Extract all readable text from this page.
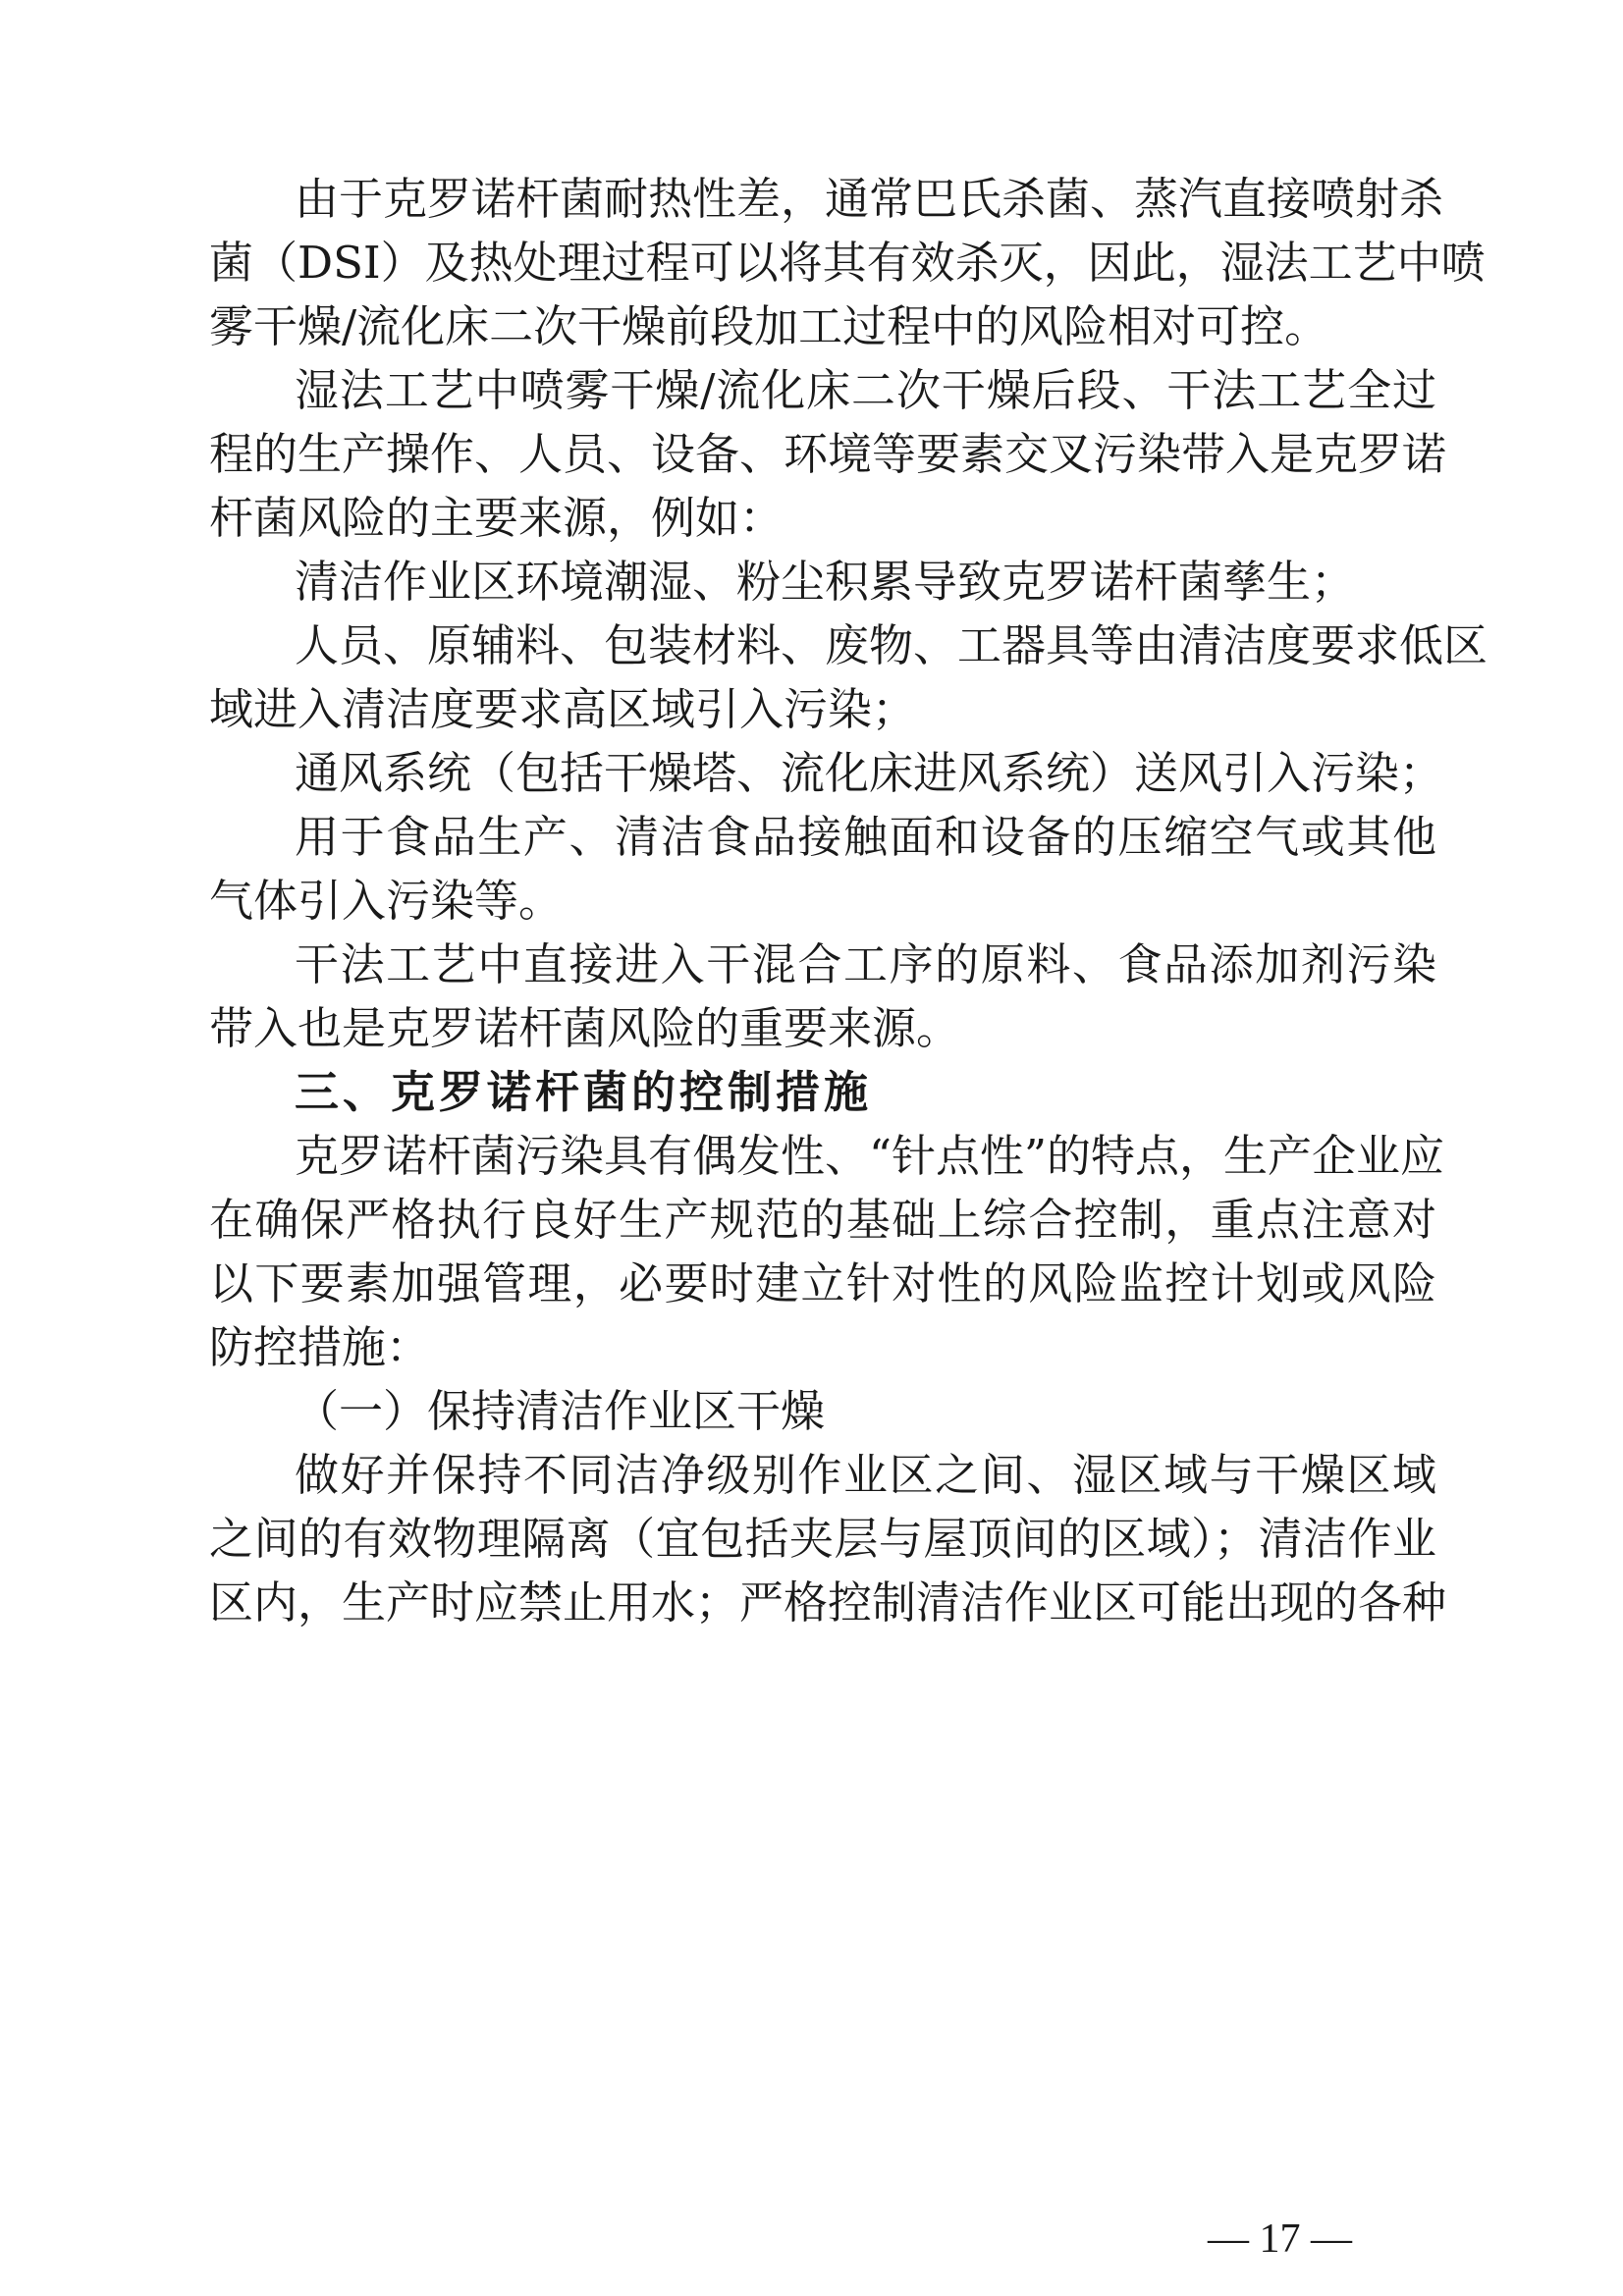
由于克罗诺杆菌耐热性差，通常巴氏杀菌、蒸汽直接喷射杀

菌（DSI）及热处理过程可以将其有效杀灭，因此，湿法工艺中喷

雾干燥/流化床二次干燥前段加工过程中的风险相对可控。

湿法工艺中喷雾干燥/流化床二次干燥后段、干法工艺全过

程的生产操作、人员、设备、环境等要素交叉污染带入是克罗诺

杆菌风险的主要来源，例如：

清洁作业区环境潮湿、粉尘积累导致克罗诺杆菌孳生；

人员、原辅料、包装材料、废物、工器具等由清洁度要求低区

域进入清洁度要求高区域引入污染；

通风系统（包括干燥塔、流化床进风系统）送风引入污染；

用于食品生产、清洁食品接触面和设备的压缩空气或其他

气体引入污染等。

干法工艺中直接进入干混合工序的原料、食品添加剂污染

带入也是克罗诺杆菌风险的重要来源。

三、克罗诺杆菌的控制措施

克罗诺杆菌污染具有偶发性、“针点性”的特点，生产企业应

在确保严格执行良好生产规范的基础上综合控制，重点注意对

以下要素加强管理，必要时建立针对性的风险监控计划或风险

防控措施：

（一）保持清洁作业区干燥

做好并保持不同洁净级别作业区之间、湿区域与干燥区域

之间的有效物理隔离（宜包括夹层与屋顶间的区域）；清洁作业

区内，生产时应禁止用水；严格控制清洁作业区可能出现的各种

— 17 —
